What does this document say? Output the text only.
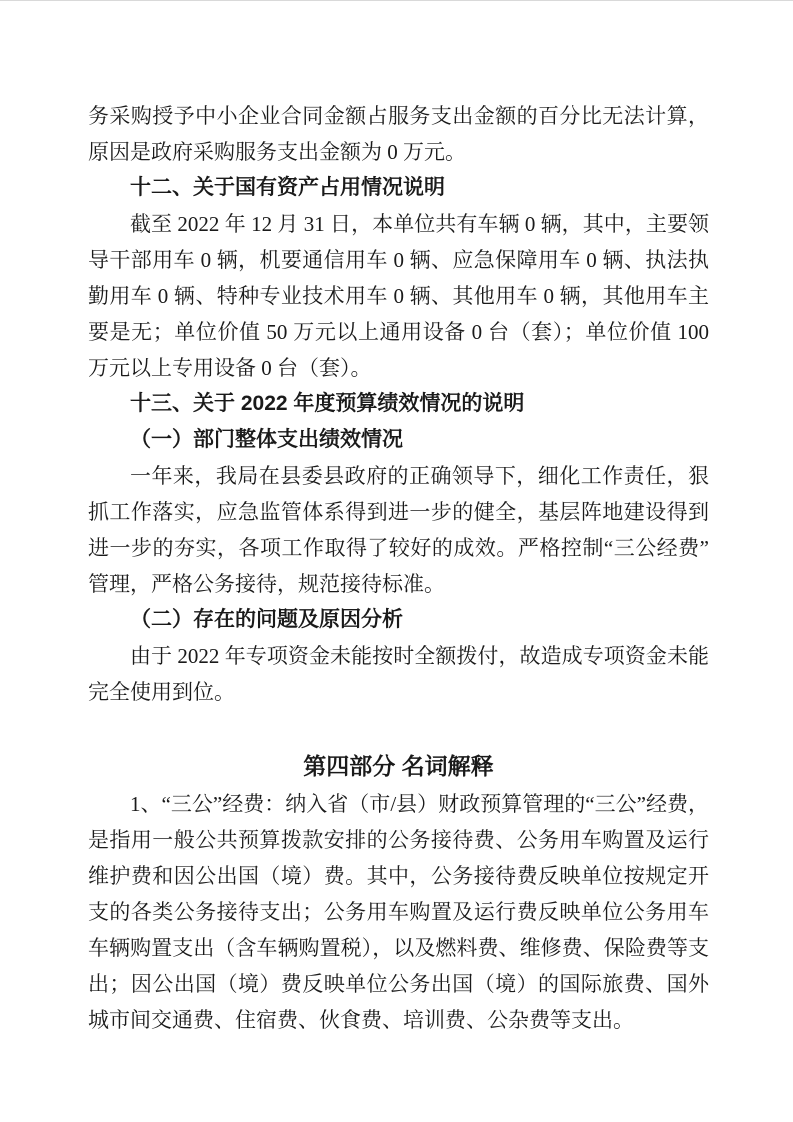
务采购授予中小企业合同金额占服务支出金额的百分比无法计算，原因是政府采购服务支出金额为 0 万元。

十二、关于国有资产占用情况说明

截至 2022 年 12 月 31 日，本单位共有车辆 0 辆，其中，主要领导干部用车 0 辆，机要通信用车 0 辆、应急保障用车 0 辆、执法执勤用车 0 辆、特种专业技术用车 0 辆、其他用车 0 辆，其他用车主要是无；单位价值 50 万元以上通用设备 0 台（套）；单位价值 100 万元以上专用设备 0 台（套）。

十三、关于 2022 年度预算绩效情况的说明
（一）部门整体支出绩效情况

一年来，我局在县委县政府的正确领导下，细化工作责任，狠抓工作落实，应急监管体系得到进一步的健全，基层阵地建设得到进一步的夯实，各项工作取得了较好的成效。严格控制“三公经费”管理，严格公务接待，规范接待标准。

（二）存在的问题及原因分析

由于 2022 年专项资金未能按时全额拨付，故造成专项资金未能完全使用到位。

第四部分 名词解释

1、“三公”经费：纳入省（市/县）财政预算管理的“三公”经费，是指用一般公共预算拨款安排的公务接待费、公务用车购置及运行维护费和因公出国（境）费。其中，公务接待费反映单位按规定开支的各类公务接待支出；公务用车购置及运行费反映单位公务用车车辆购置支出（含车辆购置税），以及燃料费、维修费、保险费等支出；因公出国（境）费反映单位公务出国（境）的国际旅费、国外城市间交通费、住宿费、伙食费、培训费、公杂费等支出。
